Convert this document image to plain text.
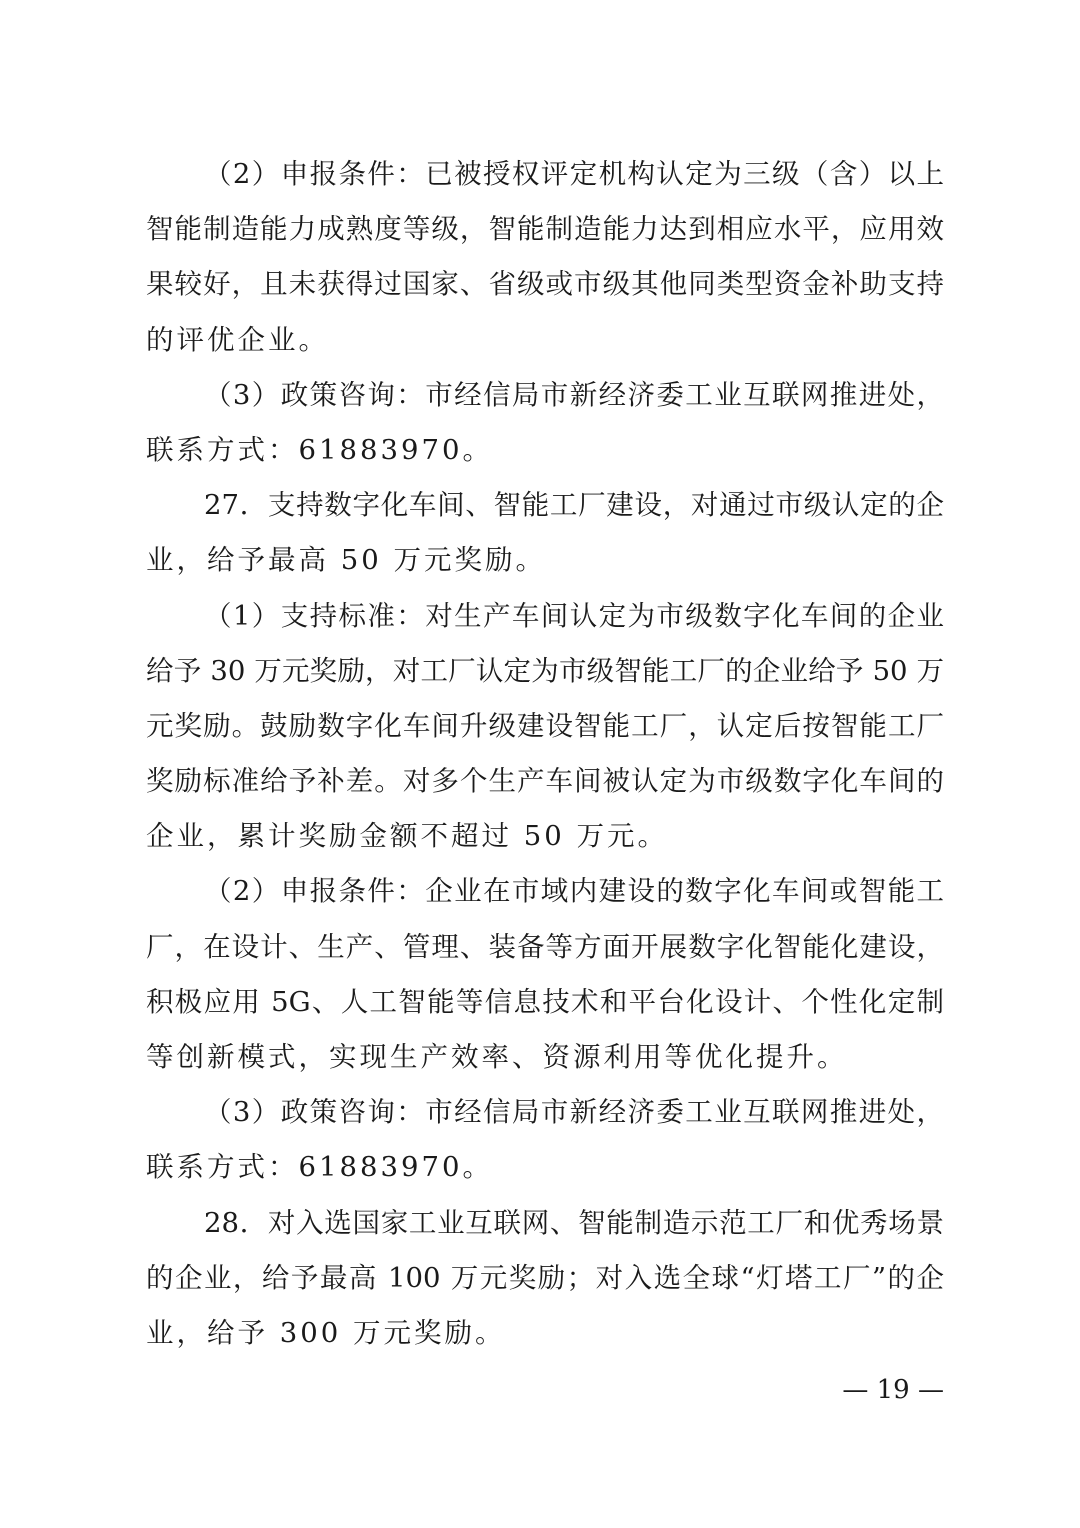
（2）申报条件：已被授权评定机构认定为三级（含）以上
智能制造能力成熟度等级，智能制造能力达到相应水平，应用效
果较好，且未获得过国家、省级或市级其他同类型资金补助支持
的评优企业。
（3）政策咨询：市经信局市新经济委工业互联网推进处，
联系方式：61883970。
27．支持数字化车间、智能工厂建设，对通过市级认定的企
业，给予最高 50 万元奖励。
（1）支持标准：对生产车间认定为市级数字化车间的企业
给予 30 万元奖励，对工厂认定为市级智能工厂的企业给予 50 万
元奖励。鼓励数字化车间升级建设智能工厂，认定后按智能工厂
奖励标准给予补差。对多个生产车间被认定为市级数字化车间的
企业，累计奖励金额不超过 50 万元。
（2）申报条件：企业在市域内建设的数字化车间或智能工
厂，在设计、生产、管理、装备等方面开展数字化智能化建设，
积极应用 5G、人工智能等信息技术和平台化设计、个性化定制
等创新模式，实现生产效率、资源利用等优化提升。
（3）政策咨询：市经信局市新经济委工业互联网推进处，
联系方式：61883970。
28．对入选国家工业互联网、智能制造示范工厂和优秀场景
的企业，给予最高 100 万元奖励；对入选全球“灯塔工厂”的企
业，给予 300 万元奖励。
— 19 —
